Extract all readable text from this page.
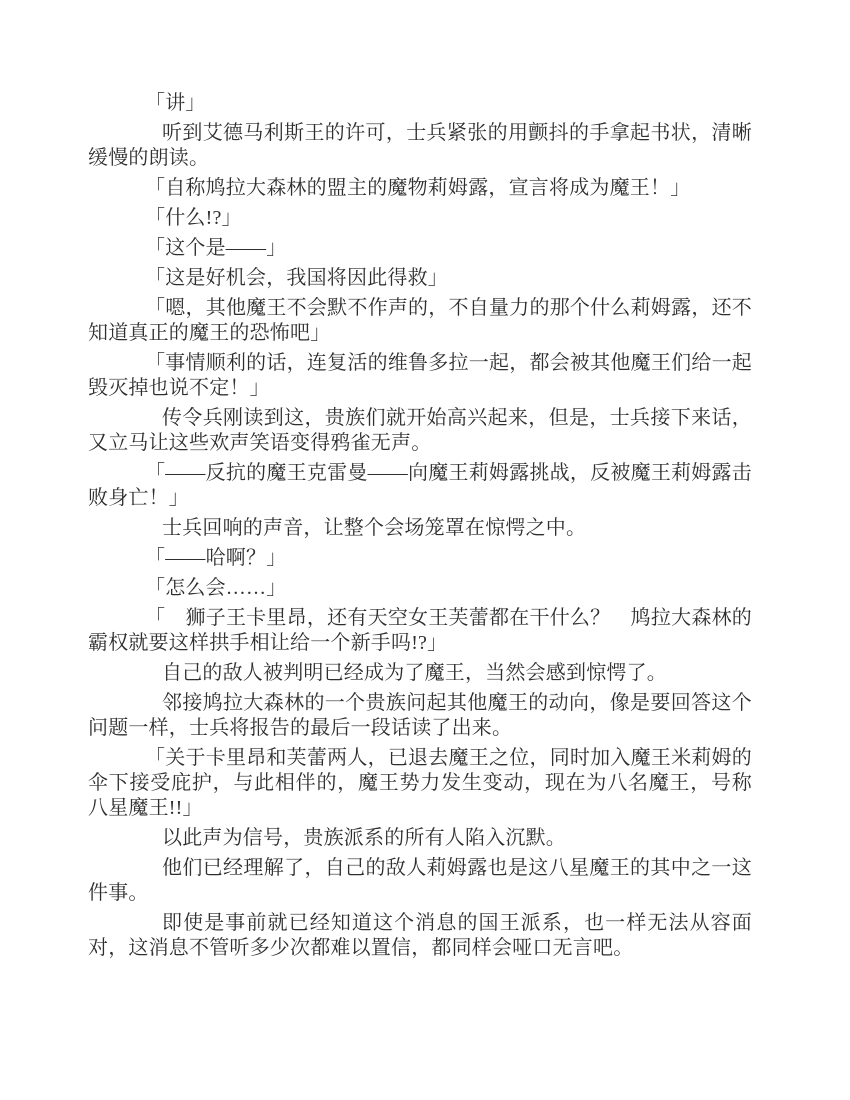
「讲」

听到艾德马利斯王的许可，士兵紧张的用颤抖的手拿起书状，清晰缓慢的朗读。

「自称鸠拉大森林的盟主的魔物莉姆露，宣言将成为魔王！」

「什么!?」

「这个是——」

「这是好机会，我国将因此得救」

「嗯，其他魔王不会默不作声的，不自量力的那个什么莉姆露，还不知道真正的魔王的恐怖吧」

「事情顺利的话，连复活的维鲁多拉一起，都会被其他魔王们给一起毁灭掉也说不定！」

传令兵刚读到这，贵族们就开始高兴起来，但是，士兵接下来话，又立马让这些欢声笑语变得鸦雀无声。

「——反抗的魔王克雷曼——向魔王莉姆露挑战，反被魔王莉姆露击败身亡！」

士兵回响的声音，让整个会场笼罩在惊愕之中。

「——哈啊？」

「怎么会……」

「　狮子王卡里昂，还有天空女王芙蕾都在干什么？　鸠拉大森林的霸权就要这样拱手相让给一个新手吗!?」

自己的敌人被判明已经成为了魔王，当然会感到惊愕了。

邻接鸠拉大森林的一个贵族问起其他魔王的动向，像是要回答这个问题一样，士兵将报告的最后一段话读了出来。

「关于卡里昂和芙蕾两人，已退去魔王之位，同时加入魔王米莉姆的伞下接受庇护，与此相伴的，魔王势力发生变动，现在为八名魔王，号称八星魔王!!」

以此声为信号，贵族派系的所有人陷入沉默。

他们已经理解了，自己的敌人莉姆露也是这八星魔王的其中之一这件事。

即使是事前就已经知道这个消息的国王派系，也一样无法从容面对，这消息不管听多少次都难以置信，都同样会哑口无言吧。
